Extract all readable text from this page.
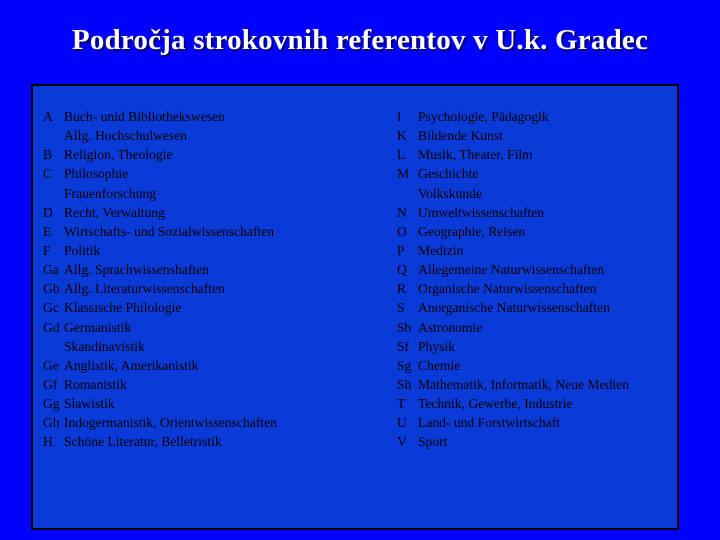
Področja strokovnih referentov v U.k. Gradec
A Buch- unid Bibliothekswesen
Allg. Hochschulwesen
B Religion, Theologie
C Philosophie
Frauenforschung
D Recht, Verwaltung
E Wirtschafts- und Sozialwissenschaften
F Politik
Ga Allg. Sprachwissenshaften
Gb Allg. Literaturwissenschaften
Gc Klassische Philologie
Gd Germanistik
Skandinavistik
Ge Anglistik, Amerikanistik
Gf Romanistik
Gg Slawistik
Gh Indogermanistik, Orientwissenschaften
H Schöne Literatur, Belletristik
I	Psychologie, Pädagogik
K Bildende Kunst
L Musik, Theater, Film
M Geschichte
Volkskunde
N Umweltwissenschaften
O Geographie, Reisen
P Medizin
Q Allegemeine Naturwissenschaften
R Organische Naturwissenschaften
S Anorganische Naturwissenschaften
Sb Astronomie
Sf Physik
Sg Chemie
Sh Mathematik, Informatik, Neue Medien
T Technik, Gewerbe, Industrie
U Land- und Forstwirtschaft
V Sport
